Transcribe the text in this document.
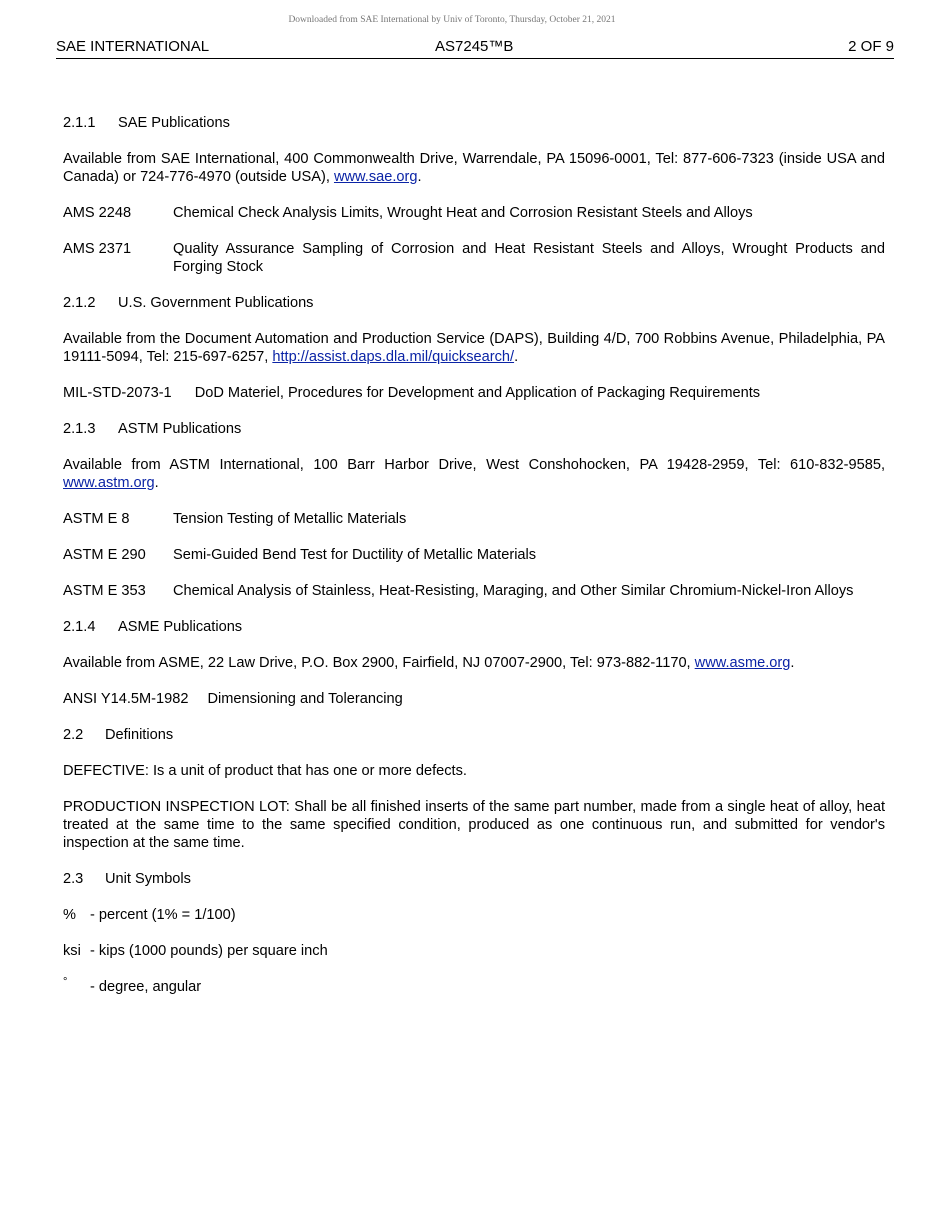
Downloaded from SAE International by Univ of Toronto, Thursday, October 21, 2021
SAE INTERNATIONAL	AS7245™B	2 OF 9
2.1.1 SAE Publications

Available from SAE International, 400 Commonwealth Drive, Warrendale, PA 15096-0001, Tel: 877-606-7323 (inside USA and Canada) or 724-776-4970 (outside USA), www.sae.org.

AMS 2248	Chemical Check Analysis Limits, Wrought Heat and Corrosion Resistant Steels and Alloys
AMS 2371	Quality Assurance Sampling of Corrosion and Heat Resistant Steels and Alloys, Wrought Products and Forging Stock
2.1.2 U.S. Government Publications

Available from the Document Automation and Production Service (DAPS), Building 4/D, 700 Robbins Avenue, Philadelphia, PA 19111-5094, Tel: 215-697-6257, http://assist.daps.dla.mil/quicksearch/.

MIL-STD-2073-1 DoD Materiel, Procedures for Development and Application of Packaging Requirements
2.1.3 ASTM Publications

Available from ASTM International, 100 Barr Harbor Drive, West Conshohocken, PA 19428-2959, Tel: 610-832-9585, www.astm.org.

ASTM E 8	Tension Testing of Metallic Materials
ASTM E 290	Semi-Guided Bend Test for Ductility of Metallic Materials
ASTM E 353	Chemical Analysis of Stainless, Heat-Resisting, Maraging, and Other Similar Chromium-Nickel-Iron Alloys
2.1.4 ASME Publications

Available from ASME, 22 Law Drive, P.O. Box 2900, Fairfield, NJ 07007-2900, Tel: 973-882-1170, www.asme.org.

ANSI Y14.5M-1982 Dimensioning and Tolerancing
2.2 Definitions

DEFECTIVE: Is a unit of product that has one or more defects.

PRODUCTION INSPECTION LOT: Shall be all finished inserts of the same part number, made from a single heat of alloy, heat treated at the same time to the same specified condition, produced as one continuous run, and submitted for vendor's inspection at the same time.

2.3 Unit Symbols
% - percent (1% = 1/100)
ksi - kips (1000 pounds) per square inch
°	- degree, angular
